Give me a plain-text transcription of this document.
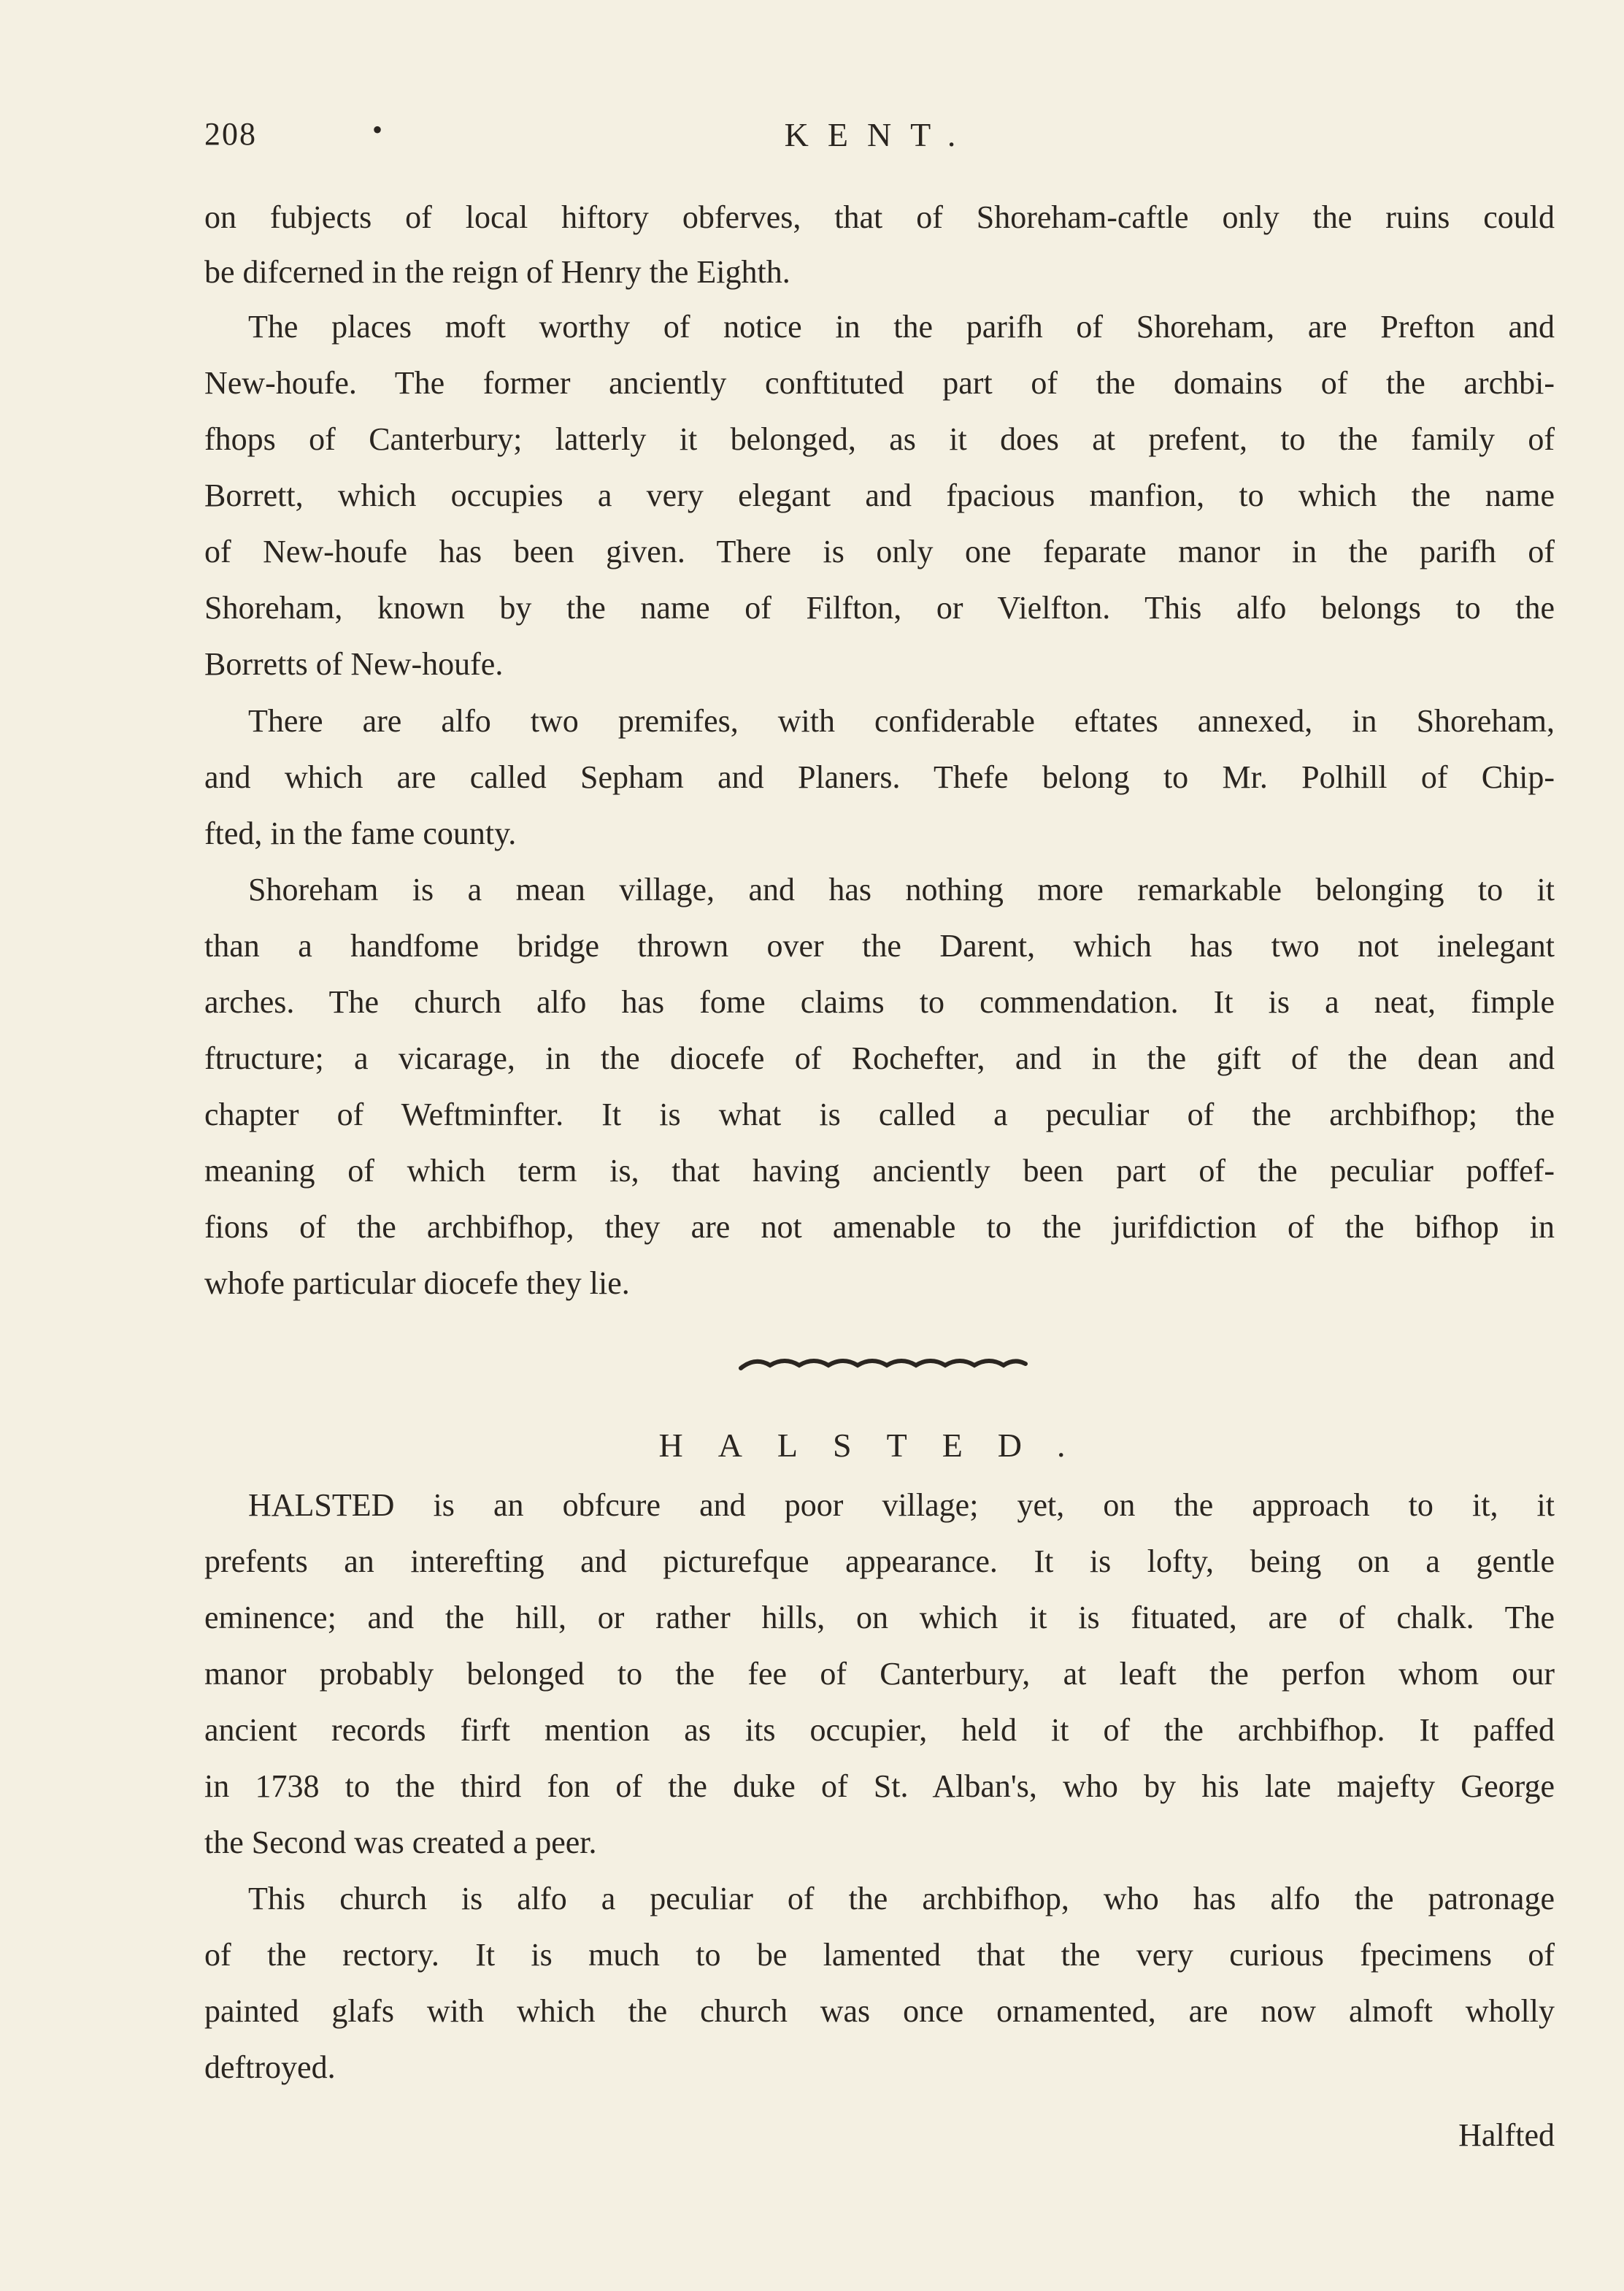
208	•	KENT.
on fubjects of local hiftory obferves, that of Shoreham-caftle only the ruins could
be difcerned in the reign of Henry the Eighth.
The places moft worthy of notice in the parifh of Shoreham, are Prefton and
New-houfe. The former anciently conftituted part of the domains of the archbi-
fhops of Canterbury; latterly it belonged, as it does at prefent, to the family of
Borrett, which occupies a very elegant and fpacious manfion, to which the name
of New-houfe has been given. There is only one feparate manor in the parifh of
Shoreham, known by the name of Filfton, or Vielfton. This alfo belongs to the
Borretts of New-houfe.
There are alfo two premifes, with confiderable eftates annexed, in Shoreham,
and which are called Sepham and Planers. Thefe belong to Mr. Polhill of Chip-
fted, in the fame county.
Shoreham is a mean village, and has nothing more remarkable belonging to it
than a handfome bridge thrown over the Darent, which has two not inelegant
arches. The church alfo has fome claims to commendation. It is a neat, fimple
ftructure; a vicarage, in the diocefe of Rochefter, and in the gift of the dean and
chapter of Weftminfter. It is what is called a peculiar of the archbifhop; the
meaning of which term is, that having anciently been part of the peculiar poffef-
fions of the archbifhop, they are not amenable to the jurifdiction of the bifhop in
whofe particular diocefe they lie.
HALSTED.
HALSTED is an obfcure and poor village; yet, on the approach to it, it
prefents an interefting and picturefque appearance. It is lofty, being on a gentle
eminence; and the hill, or rather hills, on which it is fituated, are of chalk. The
manor probably belonged to the fee of Canterbury, at leaft the perfon whom our
ancient records firft mention as its occupier, held it of the archbifhop. It paffed
in 1738 to the third fon of the duke of St. Alban's, who by his late majefty George
the Second was created a peer.
This church is alfo a peculiar of the archbifhop, who has alfo the patronage
of the rectory. It is much to be lamented that the very curious fpecimens of
painted glafs with which the church was once ornamented, are now almoft wholly
deftroyed.
Halfted
